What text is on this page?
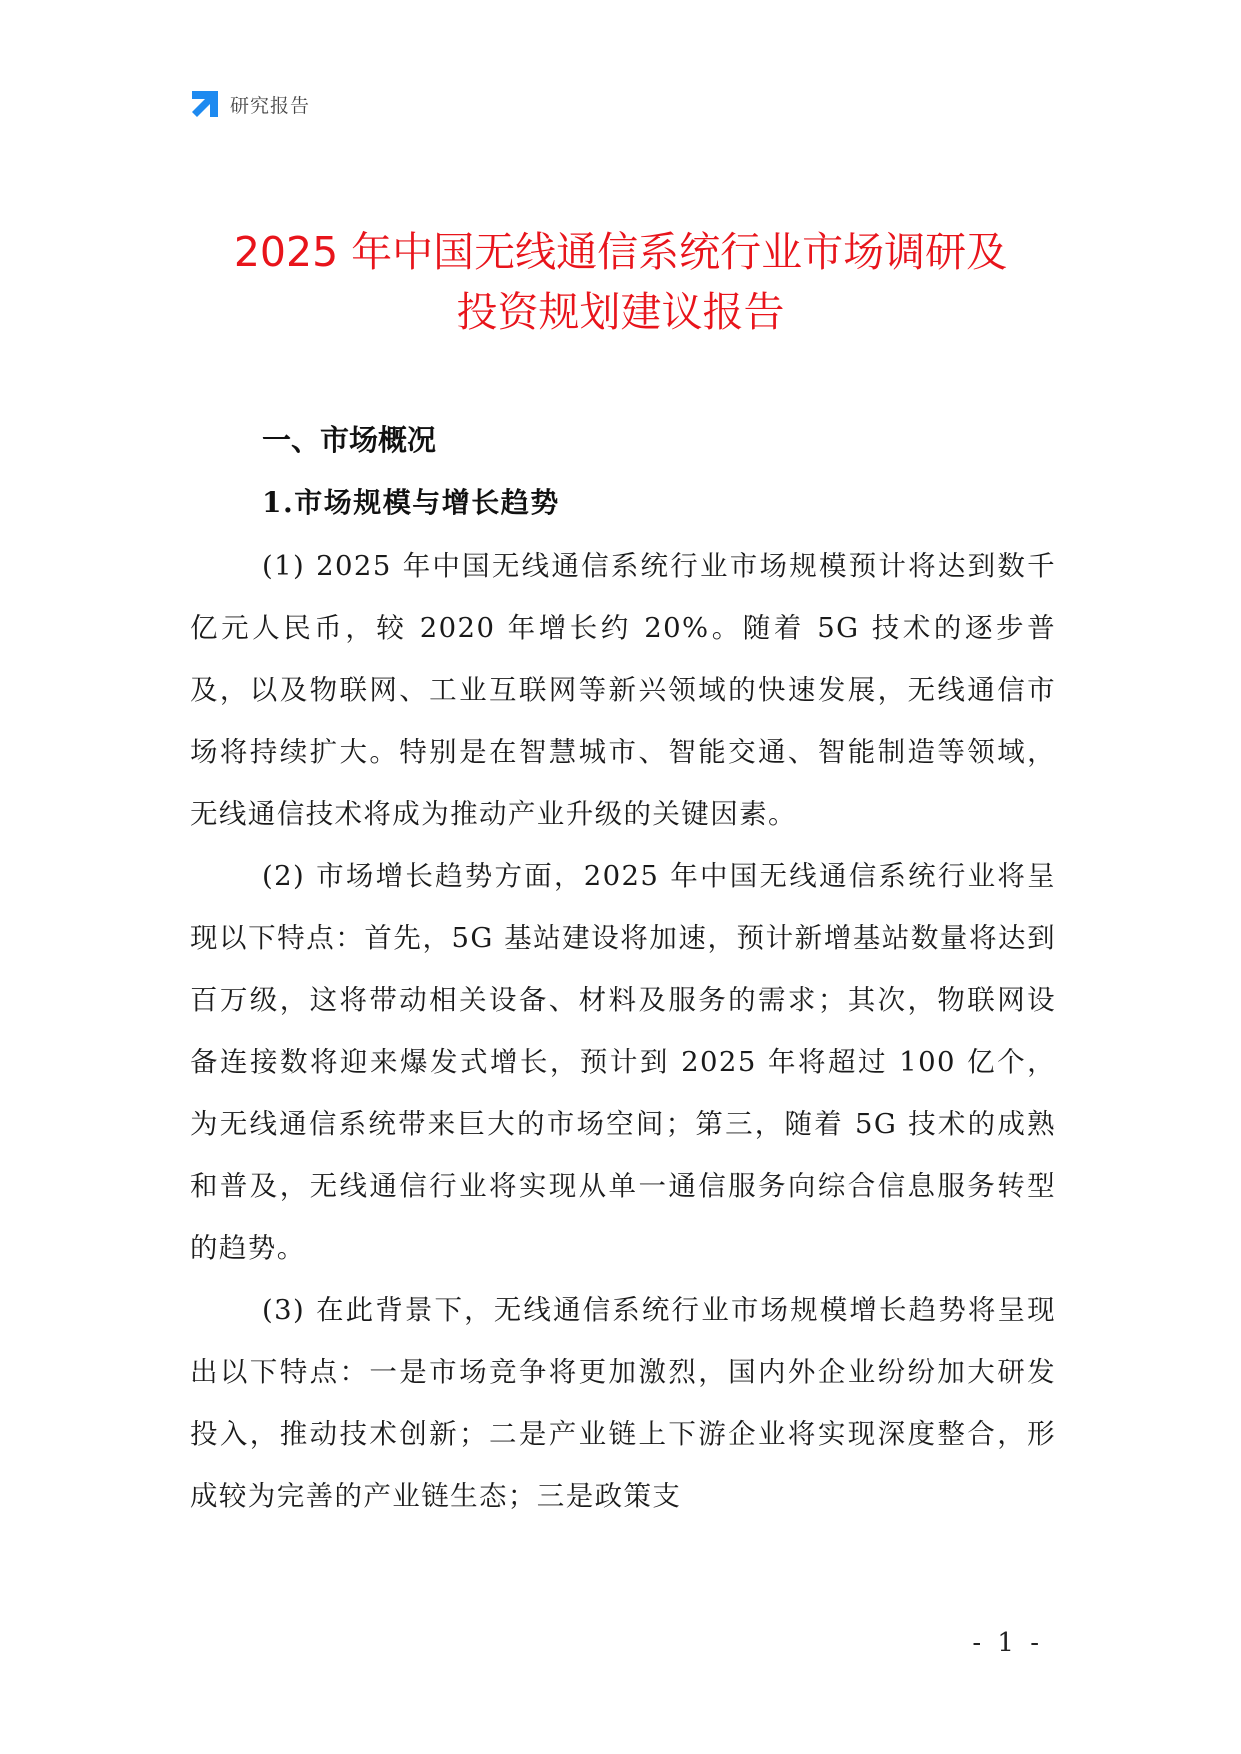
研究报告
2025 年中国无线通信系统行业市场调研及
投资规划建议报告
一、市场概况
1.市场规模与增长趋势

(1) 2025 年中国无线通信系统行业市场规模预计将达到数千亿元人民币，较 2020 年增长约 20%。随着 5G 技术的逐步普及，以及物联网、工业互联网等新兴领域的快速发展，无线通信市场将持续扩大。特别是在智慧城市、智能交通、智能制造等领域，无线通信技术将成为推动产业升级的关键因素。

(2) 市场增长趋势方面，2025 年中国无线通信系统行业将呈现以下特点：首先，5G 基站建设将加速，预计新增基站数量将达到百万级，这将带动相关设备、材料及服务的需求；其次，物联网设备连接数将迎来爆发式增长，预计到 2025 年将超过 100 亿个，为无线通信系统带来巨大的市场空间；第三，随着 5G 技术的成熟和普及，无线通信行业将实现从单一通信服务向综合信息服务转型的趋势。

(3) 在此背景下，无线通信系统行业市场规模增长趋势将呈现出以下特点：一是市场竞争将更加激烈，国内外企业纷纷加大研发投入，推动技术创新；二是产业链上下游企业将实现深度整合，形成较为完善的产业链生态；三是政策支

- 1 -
